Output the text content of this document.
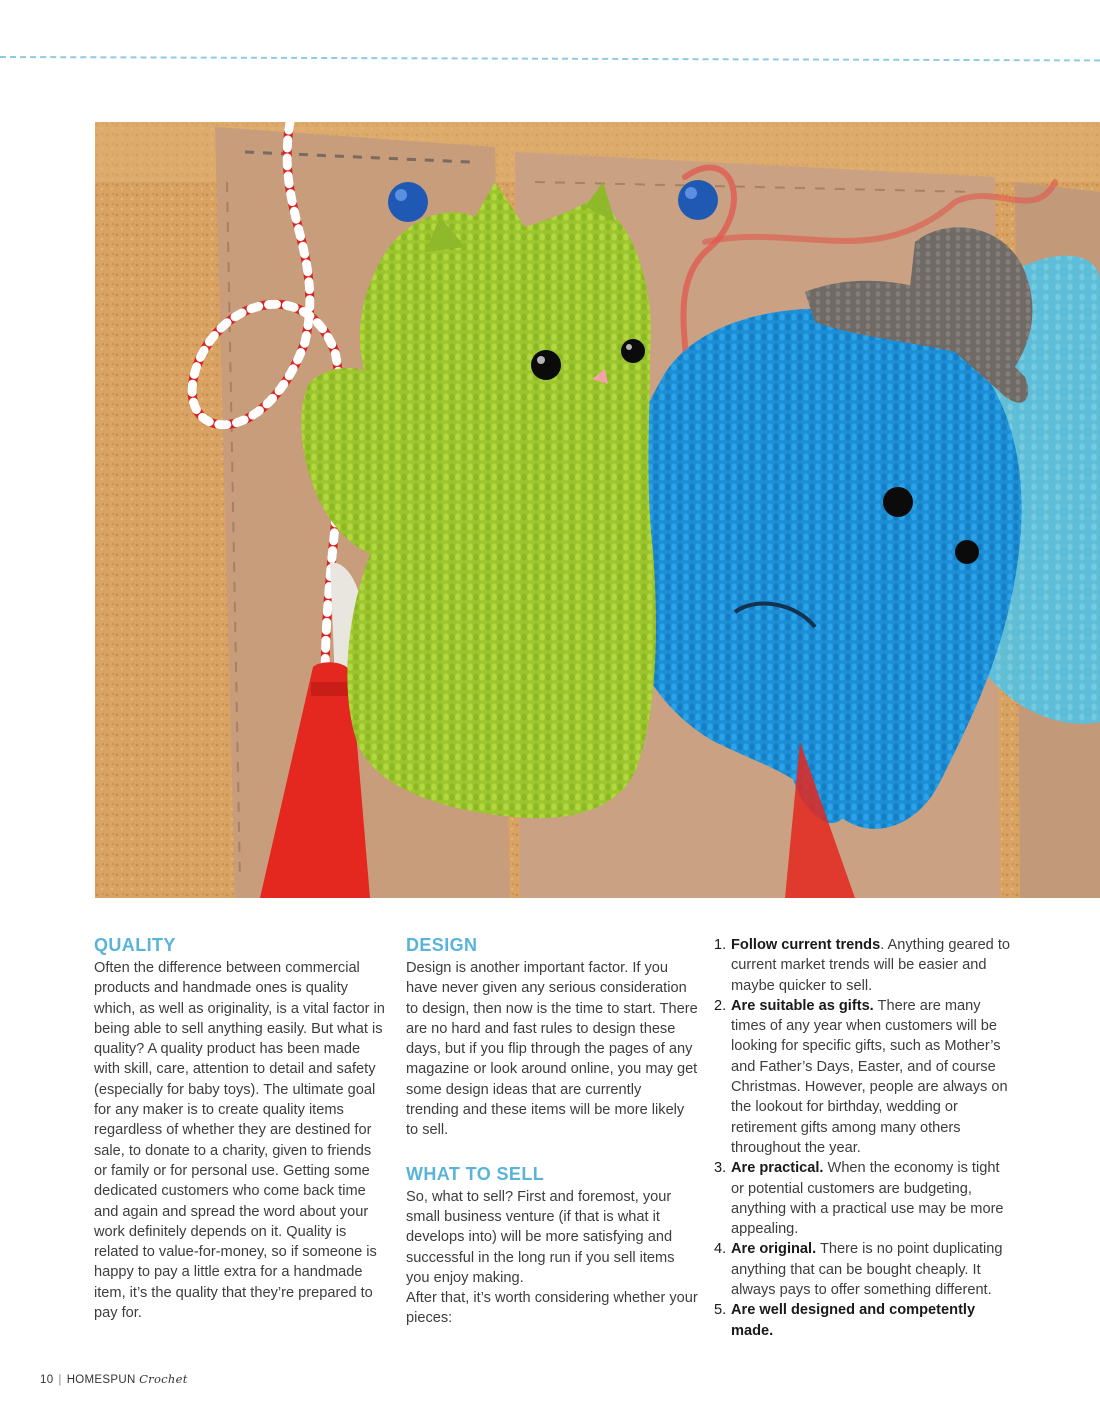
QUALITY

Often the difference between commercial products and handmade ones is quality which, as well as originality, is a vital factor in being able to sell anything easily. But what is quality? A quality product has been made with skill, care, attention to detail and safety (especially for baby toys). The ultimate goal for any maker is to create quality items regardless of whether they are destined for sale, to donate to a charity, given to friends or family or for personal use. Getting some dedicated customers who come back time and again and spread the word about your work definitely depends on it. Quality is related to value-for-money, so if someone is happy to pay a little extra for a handmade item, it’s the quality that they’re prepared to pay for.

DESIGN

Design is another important factor. If you have never given any serious consideration to design, then now is the time to start. There are no hard and fast rules to design these days, but if you flip through the pages of any magazine or look around online, you may get some design ideas that are currently trending and these items will be more likely to sell.

WHAT TO SELL

So, what to sell? First and foremost, your small business venture (if that is what it develops into) will be more satisfying and successful in the long run if you sell items you enjoy making.

After that, it’s worth considering whether your pieces:

1. Follow current trends. Anything geared to current market trends will be easier and maybe quicker to sell.
2. Are suitable as gifts. There are many times of any year when customers will be looking for specific gifts, such as Mother’s and Father’s Days, Easter, and of course Christmas. However, people are always on the lookout for birthday, wedding or retirement gifts among many others throughout the year.
3. Are practical. When the economy is tight or potential customers are budgeting, anything with a practical use may be more appealing.
4. Are original. There is no point duplicating anything that can be bought cheaply. It always pays to offer something different.
5. Are well designed and competently made.
10 | HOMESPUN Crochet
